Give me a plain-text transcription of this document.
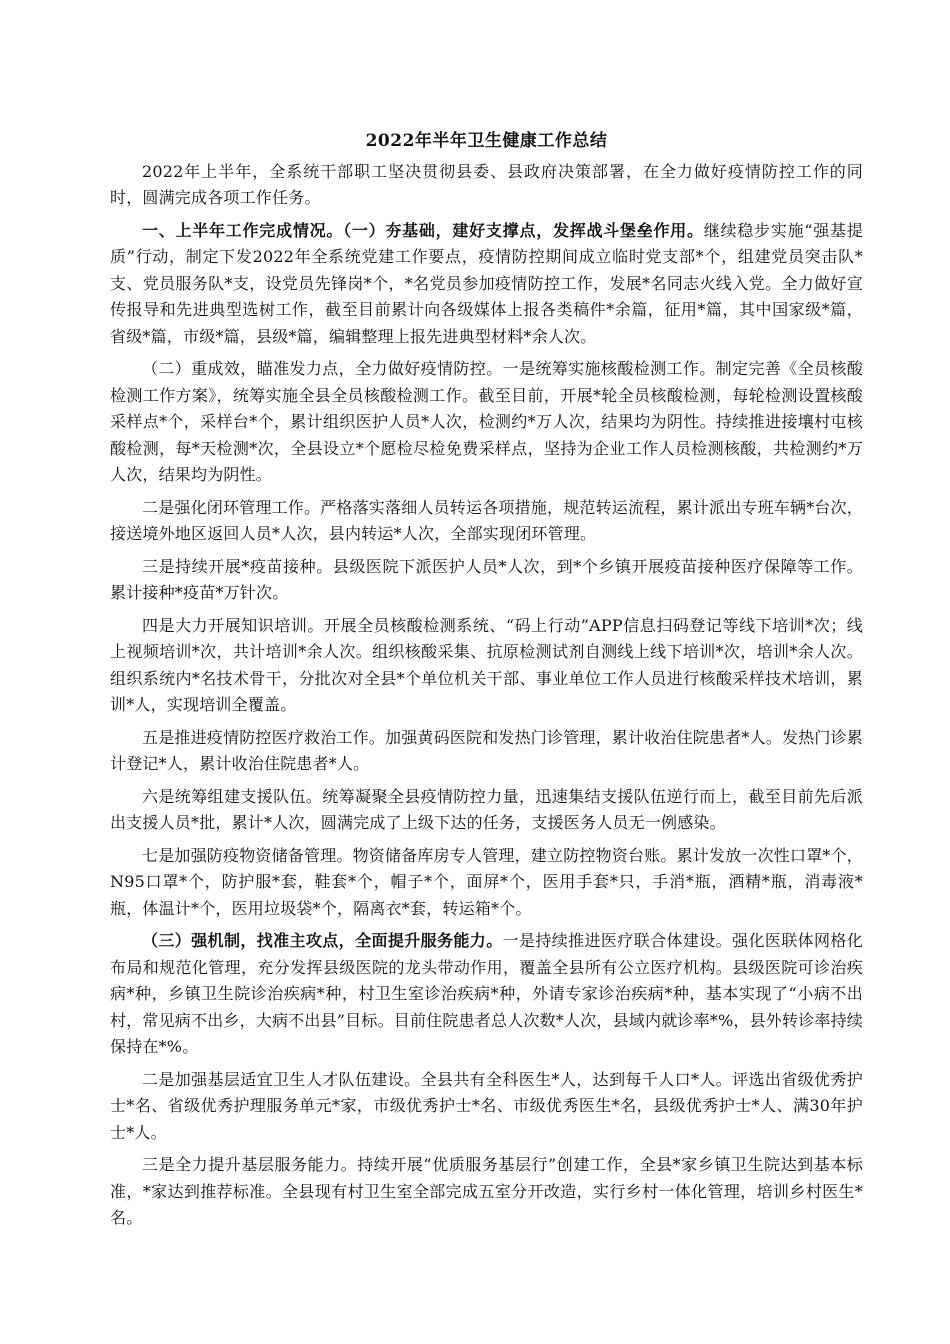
2022年半年卫生健康工作总结

2022年上半年，全系统干部职工坚决贯彻县委、县政府决策部署，在全力做好疫情防控工作的同时，圆满完成各项工作任务。

一、上半年工作完成情况。（一）夯基础，建好支撑点，发挥战斗堡垒作用。继续稳步实施“强基提质”行动，制定下发2022年全系统党建工作要点，疫情防控期间成立临时党支部*个，组建党员突击队*支、党员服务队*支，设党员先锋岗*个，*名党员参加疫情防控工作，发展*名同志火线入党。全力做好宣传报导和先进典型选树工作，截至目前累计向各级媒体上报各类稿件*余篇，征用*篇，其中国家级*篇，省级*篇，市级*篇，县级*篇，编辑整理上报先进典型材料*余人次。

（二）重成效，瞄准发力点，全力做好疫情防控。一是统筹实施核酸检测工作。制定完善《全员核酸检测工作方案》，统筹实施全县全员核酸检测工作。截至目前，开展*轮全员核酸检测，每轮检测设置核酸采样点*个，采样台*个，累计组织医护人员*人次，检测约*万人次，结果均为阴性。持续推进接壤村屯核酸检测，每*天检测*次，全县设立*个愿检尽检免费采样点，坚持为企业工作人员检测核酸，共检测约*万人次，结果均为阴性。

二是强化闭环管理工作。严格落实落细人员转运各项措施，规范转运流程，累计派出专班车辆*台次，接送境外地区返回人员*人次，县内转运*人次，全部实现闭环管理。

三是持续开展*疫苗接种。县级医院下派医护人员*人次，到*个乡镇开展疫苗接种医疗保障等工作。累计接种*疫苗*万针次。

四是大力开展知识培训。开展全员核酸检测系统、“码上行动”APP信息扫码登记等线下培训*次；线上视频培训*次，共计培训*余人次。组织核酸采集、抗原检测试剂自测线上线下培训*次，培训*余人次。组织系统内*名技术骨干，分批次对全县*个单位机关干部、事业单位工作人员进行核酸采样技术培训，累训*人，实现培训全覆盖。

五是推进疫情防控医疗救治工作。加强黄码医院和发热门诊管理，累计收治住院患者*人。发热门诊累计登记*人，累计收治住院患者*人。

六是统筹组建支援队伍。统筹凝聚全县疫情防控力量，迅速集结支援队伍逆行而上，截至目前先后派出支援人员*批，累计*人次，圆满完成了上级下达的任务，支援医务人员无一例感染。

七是加强防疫物资储备管理。物资储备库房专人管理，建立防控物资台账。累计发放一次性口罩*个，N95口罩*个，防护服*套，鞋套*个，帽子*个，面屏*个，医用手套*只，手消*瓶，酒精*瓶，消毒液*瓶，体温计*个，医用垃圾袋*个，隔离衣*套，转运箱*个。

（三）强机制，找准主攻点，全面提升服务能力。一是持续推进医疗联合体建设。强化医联体网格化布局和规范化管理，充分发挥县级医院的龙头带动作用，覆盖全县所有公立医疗机构。县级医院可诊治疾病*种，乡镇卫生院诊治疾病*种，村卫生室诊治疾病*种，外请专家诊治疾病*种，基本实现了“小病不出村，常见病不出乡，大病不出县”目标。目前住院患者总人次数*人次，县域内就诊率*%，县外转诊率持续保持在*%。

二是加强基层适宜卫生人才队伍建设。全县共有全科医生*人，达到每千人口*人。评选出省级优秀护士*名、省级优秀护理服务单元*家，市级优秀护士*名、市级优秀医生*名，县级优秀护士*人、满30年护士*人。

三是全力提升基层服务能力。持续开展“优质服务基层行”创建工作，全县*家乡镇卫生院达到基本标准，*家达到推荐标准。全县现有村卫生室全部完成五室分开改造，实行乡村一体化管理，培训乡村医生*名。
